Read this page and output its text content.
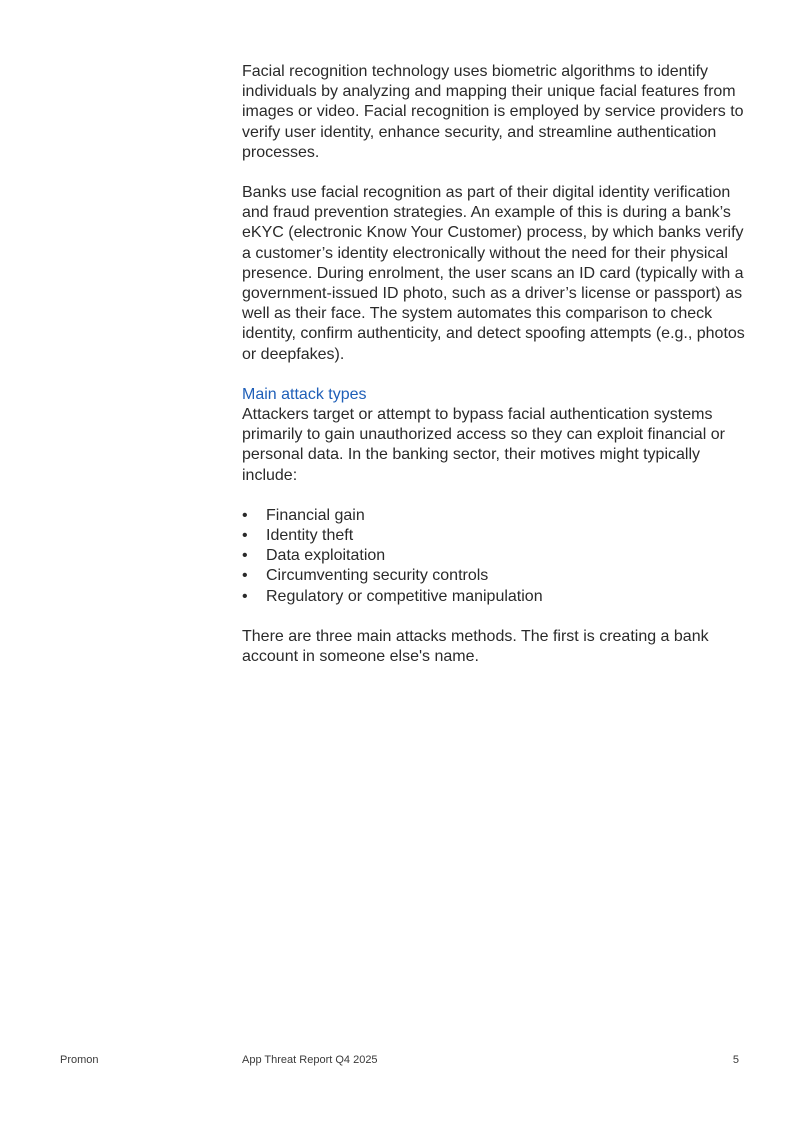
Facial recognition technology uses biometric algorithms to identify individuals by analyzing and mapping their unique facial features from images or video. Facial recognition is employed by service providers to verify user identity, enhance security, and streamline authentication processes.

Banks use facial recognition as part of their digital identity verification and fraud prevention strategies. An example of this is during a bank’s eKYC (electronic Know Your Customer) process, by which banks verify a customer’s identity electronically without the need for their physical presence. During enrolment, the user scans an ID card (typically with a government-issued ID photo, such as a driver’s license or passport) as well as their face. The system automates this comparison to check identity, confirm authenticity, and detect spoofing attempts (e.g., photos or deepfakes).

Main attack types

Attackers target or attempt to bypass facial authentication systems primarily to gain unauthorized access so they can exploit financial or personal data. In the banking sector, their motives might typically include:

• Financial gain
• Identity theft
• Data exploitation
• Circumventing security controls
• Regulatory or competitive manipulation

There are three main attacks methods. The first is creating a bank account in someone else's name.

Promon	App Threat Report Q4 2025	5
